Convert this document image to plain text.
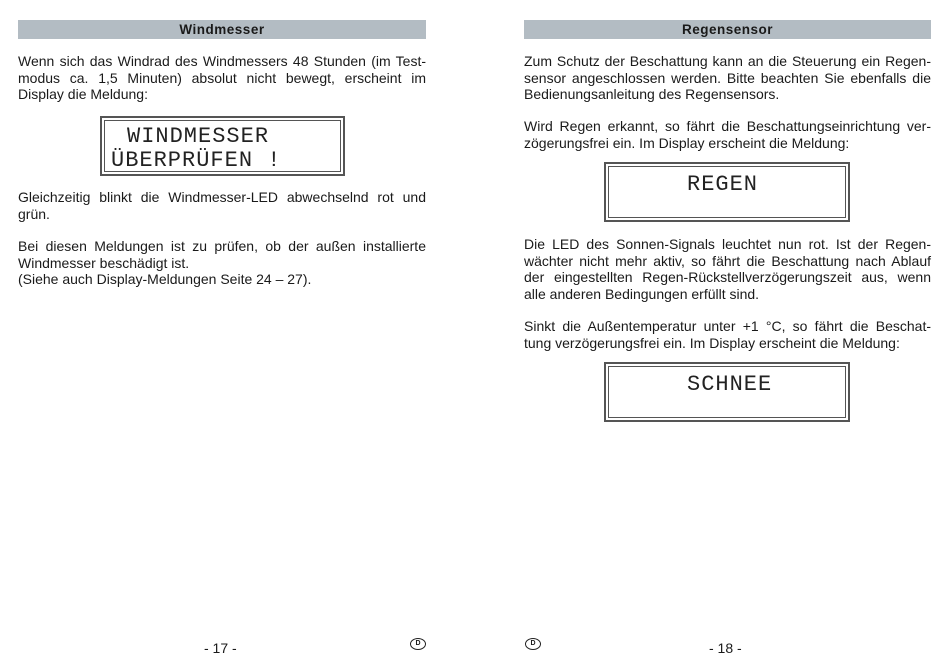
Windmesser

Wenn sich das Windrad des Windmessers 48 Stunden (im Test-
modus ca. 1,5 Minuten) absolut nicht bewegt, erscheint im
Display die Meldung:

Gleichzeitig blinkt die Windmesser-LED abwechselnd rot und
grün.

Bei diesen Meldungen ist zu prüfen, ob der außen installierte
Windmesser beschädigt ist.
(Siehe auch Display-Meldungen Seite 24 – 27).

WINDMESSER
ÜBERPRÜFEN !
- 17 -	D
Regensensor

Zum Schutz der Beschattung kann an die Steuerung ein Regen-
sensor angeschlossen werden. Bitte beachten Sie ebenfalls die
Bedienungsanleitung des Regensensors.

Wird Regen erkannt, so fährt die Beschattungseinrichtung ver-
zögerungsfrei ein. Im Display erscheint die Meldung:

Die LED des Sonnen-Signals leuchtet nun rot. Ist der Regen-
wächter nicht mehr aktiv, so fährt die Beschattung nach Ablauf
der eingestellten Regen-Rückstellverzögerungszeit aus, wenn
alle anderen Bedingungen erfüllt sind.

Sinkt die Außentemperatur unter +1 °C, so fährt die Beschat-
tung verzögerungsfrei ein. Im Display erscheint die Meldung:

REGEN
SCHNEE
D	- 18 -
